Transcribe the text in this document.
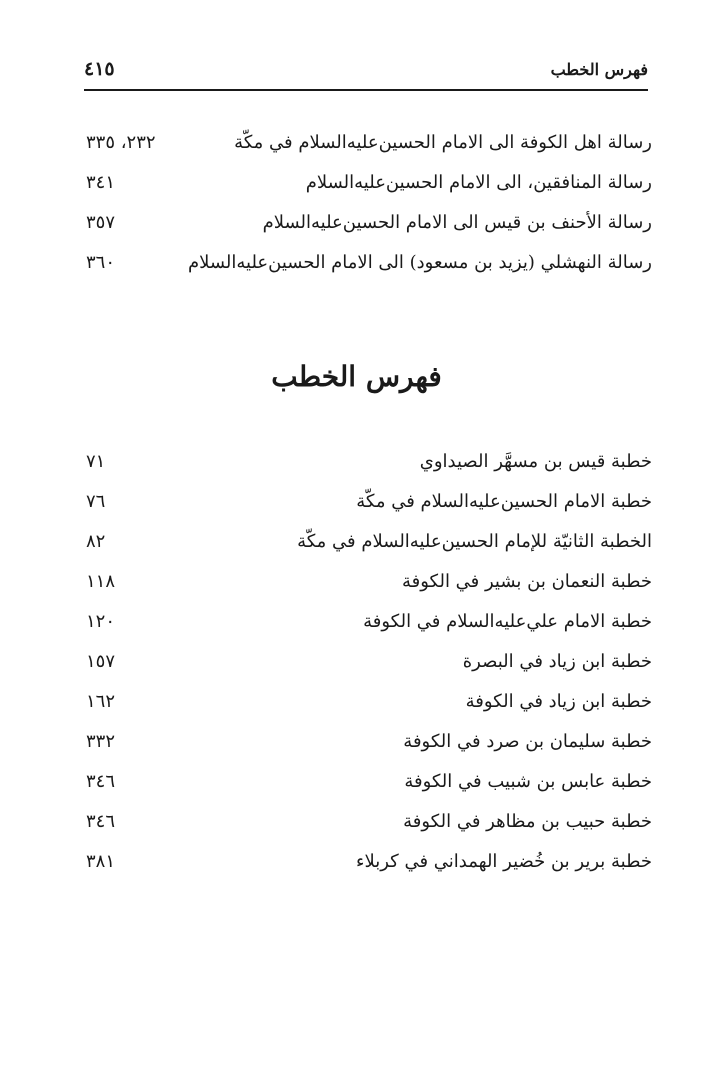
٤١٥	فهرس الخطب
رسالة اهل الكوفة الى الامام الحسين‌عليه‌السلام في مكّة
٢٣٢، ٣٣٥
رسالة المنافقين، الى الامام الحسين‌عليه‌السلام
٣٤١
رسالة الأحنف بن قيس الى الامام الحسين‌عليه‌السلام
٣٥٧
رسالة النهشلي (يزيد بن مسعود) الى الامام الحسين‌عليه‌السلام
٣٦٠
فهرس الخطب
خطبة قيس بن مسهَّر الصيداوي
٧١
خطبة الامام الحسين‌عليه‌السلام في مكّة
٧٦
الخطبة الثانيّة للإمام الحسين‌عليه‌السلام في مكّة
٨٢
خطبة النعمان بن بشير في الكوفة
١١٨
خطبة الامام علي‌عليه‌السلام في الكوفة
١٢٠
خطبة ابن زياد في البصرة
١٥٧
خطبة ابن زياد في الكوفة
١٦٢
خطبة سليمان بن صرد في الكوفة
٣٣٢
خطبة عابس بن شبيب في الكوفة
٣٤٦
خطبة حبيب بن مظاهر في الكوفة
٣٤٦
خطبة برير بن خُضير الهمداني في كربلاء
٣٨١
